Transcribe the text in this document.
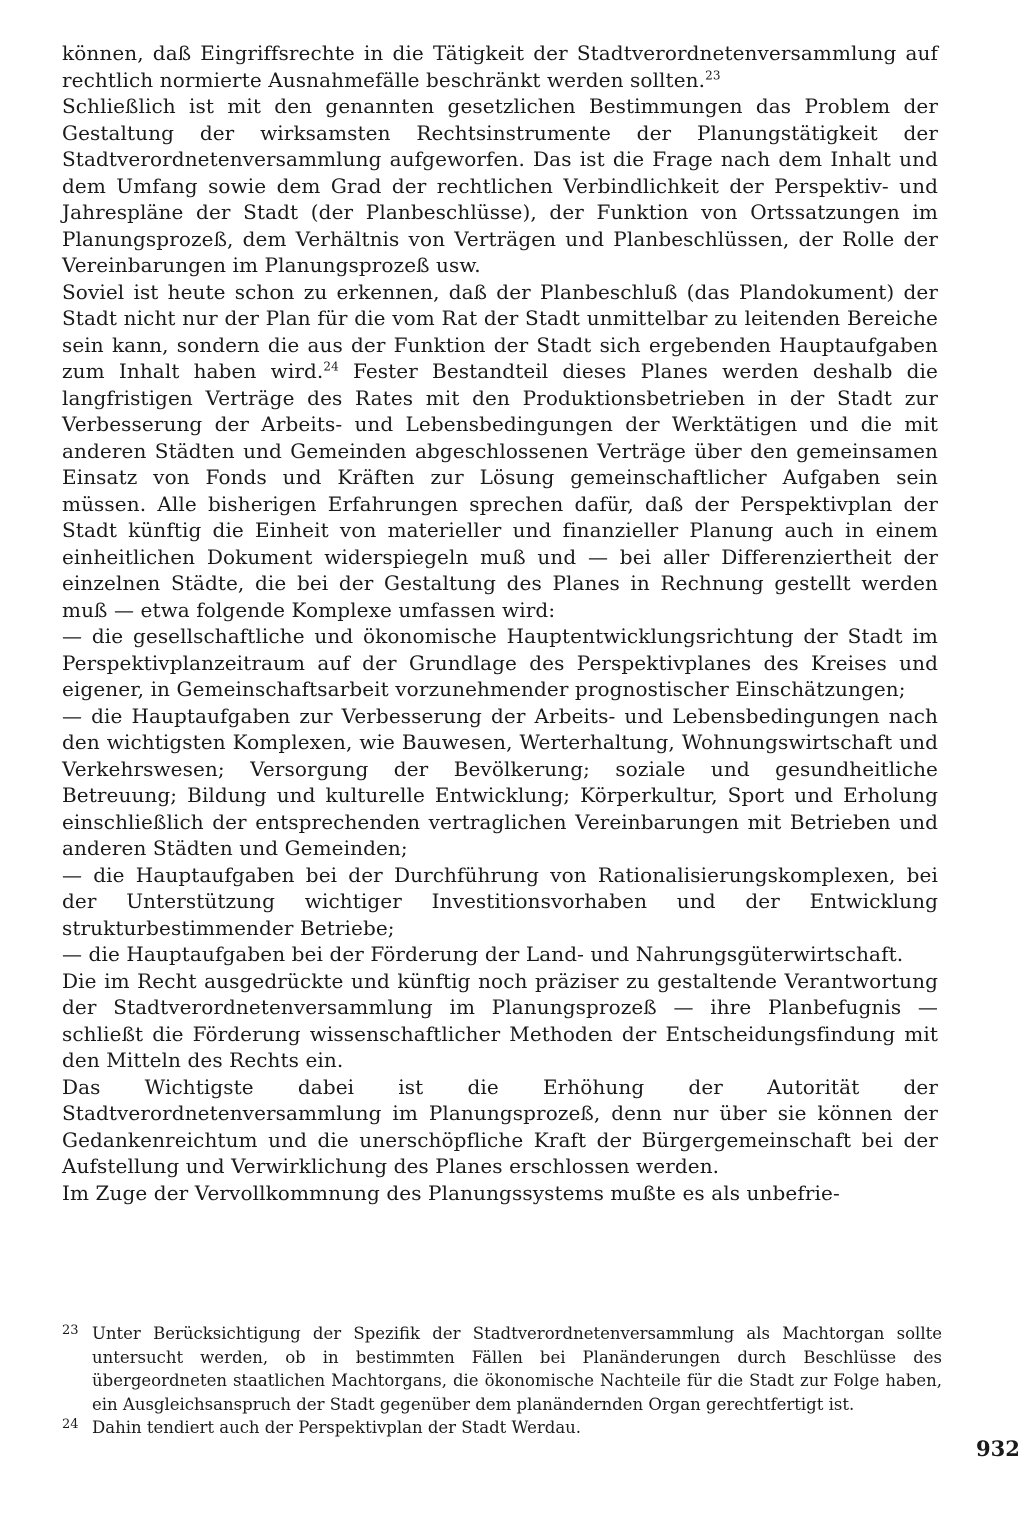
können, daß Eingriffsrechte in die Tätigkeit der Stadtverordnetenversammlung auf rechtlich normierte Ausnahmefälle beschränkt werden sollten.$^{23}$

Schließlich ist mit den genannten gesetzlichen Bestimmungen das Problem der Gestaltung der wirksamsten Rechtsinstrumente der Planungstätigkeit der Stadtverordnetenversammlung aufgeworfen. Das ist die Frage nach dem Inhalt und dem Umfang sowie dem Grad der rechtlichen Verbindlichkeit der Perspektiv- und Jahrespläne der Stadt (der Planbeschlüsse), der Funktion von Ortssatzungen im Planungsprozeß, dem Verhältnis von Verträgen und Planbeschlüssen, der Rolle der Vereinbarungen im Planungsprozeß usw.

Soviel ist heute schon zu erkennen, daß der Planbeschluß (das Plandokument) der Stadt nicht nur der Plan für die vom Rat der Stadt unmittelbar zu leitenden Bereiche sein kann, sondern die aus der Funktion der Stadt sich ergebenden Hauptaufgaben zum Inhalt haben wird.$^{24}$ Fester Bestandteil dieses Planes werden deshalb die langfristigen Verträge des Rates mit den Produktionsbetrieben in der Stadt zur Verbesserung der Arbeits- und Lebensbedingungen der Werktätigen und die mit anderen Städten und Gemeinden abgeschlossenen Verträge über den gemeinsamen Einsatz von Fonds und Kräften zur Lösung gemeinschaftlicher Aufgaben sein müssen. Alle bisherigen Erfahrungen sprechen dafür, daß der Perspektivplan der Stadt künftig die Einheit von materieller und finanzieller Planung auch in einem einheitlichen Dokument widerspiegeln muß und — bei aller Differenziertheit der einzelnen Städte, die bei der Gestaltung des Planes in Rechnung gestellt werden muß — etwa folgende Komplexe umfassen wird:

— die gesellschaftliche und ökonomische Hauptentwicklungsrichtung der Stadt im Perspektivplanzeitraum auf der Grundlage des Perspektivplanes des Kreises und eigener, in Gemeinschaftsarbeit vorzunehmender prognostischer Einschätzungen;

— die Hauptaufgaben zur Verbesserung der Arbeits- und Lebensbedingungen nach den wichtigsten Komplexen, wie Bauwesen, Werterhaltung, Wohnungswirtschaft und Verkehrswesen; Versorgung der Bevölkerung; soziale und gesundheitliche Betreuung; Bildung und kulturelle Entwicklung; Körperkultur, Sport und Erholung einschließlich der entsprechenden vertraglichen Vereinbarungen mit Betrieben und anderen Städten und Gemeinden;

— die Hauptaufgaben bei der Durchführung von Rationalisierungskomplexen, bei der Unterstützung wichtiger Investitionsvorhaben und der Entwicklung strukturbestimmender Betriebe;

— die Hauptaufgaben bei der Förderung der Land- und Nahrungsgüterwirtschaft.

Die im Recht ausgedrückte und künftig noch präziser zu gestaltende Verantwortung der Stadtverordnetenversammlung im Planungsprozeß — ihre Planbefugnis — schließt die Förderung wissenschaftlicher Methoden der Entscheidungsfindung mit den Mitteln des Rechts ein.

Das Wichtigste dabei ist die Erhöhung der Autorität der Stadtverordnetenversammlung im Planungsprozeß, denn nur über sie können der Gedankenreichtum und die unerschöpfliche Kraft der Bürgergemeinschaft bei der Aufstellung und Verwirklichung des Planes erschlossen werden.

Im Zuge der Vervollkommnung des Planungssystems mußte es als unbefrie-

23 Unter Berücksichtigung der Spezifik der Stadtverordnetenversammlung als Machtorgan sollte untersucht werden, ob in bestimmten Fällen bei Planänderungen durch Beschlüsse des übergeordneten staatlichen Machtorgans, die ökonomische Nachteile für die Stadt zur Folge haben, ein Ausgleichsanspruch der Stadt gegenüber dem planändernden Organ gerechtfertigt ist.

24 Dahin tendiert auch der Perspektivplan der Stadt Werdau.

932
